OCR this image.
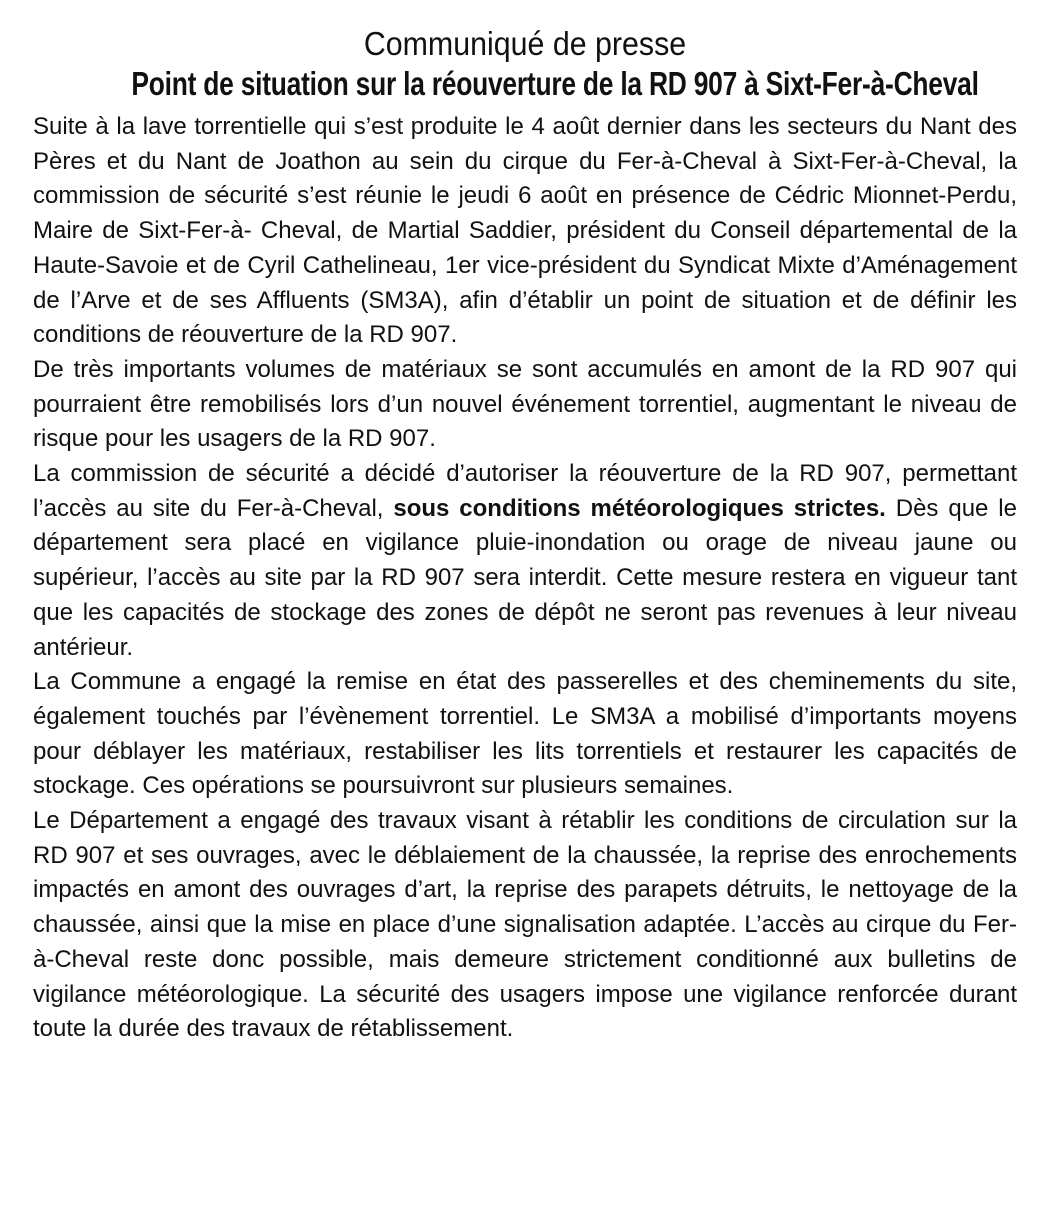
Communiqué de presse
Point de situation sur la réouverture de la RD 907 à Sixt-Fer-à-Cheval

Suite à la lave torrentielle qui s’est produite le 4 août dernier dans les secteurs du Nant des Pères et du Nant de Joathon au sein du cirque du Fer-à-Cheval à Sixt-Fer-à-Cheval, la commission de sécurité s’est réunie le jeudi 6 août en présence de Cédric Mionnet-Perdu, Maire de Sixt-Fer-à- Cheval, de Martial Saddier, président du Conseil départemental de la Haute-Savoie et de Cyril Cathelineau, 1er vice-président du Syndicat Mixte d’Aménagement de l’Arve et de ses Affluents (SM3A), afin d’établir un point de situation et de définir les conditions de réouverture de la RD 907.

De très importants volumes de matériaux se sont accumulés en amont de la RD 907 qui pourraient être remobilisés lors d’un nouvel événement torrentiel, augmentant le niveau de risque pour les usagers de la RD 907.

La commission de sécurité a décidé d’autoriser la réouverture de la RD 907, permettant l’accès au site du Fer-à-Cheval, sous conditions météorologiques strictes. Dès que le département sera placé en vigilance pluie-inondation ou orage de niveau jaune ou supérieur, l’accès au site par la RD 907 sera interdit. Cette mesure restera en vigueur tant que les capacités de stockage des zones de dépôt ne seront pas revenues à leur niveau antérieur.

La Commune a engagé la remise en état des passerelles et des cheminements du site, également touchés par l’évènement torrentiel. Le SM3A a mobilisé d’importants moyens pour déblayer les matériaux, restabiliser les lits torrentiels et restaurer les capacités de stockage. Ces opérations se poursuivront sur plusieurs semaines.

Le Département a engagé des travaux visant à rétablir les conditions de circulation sur la RD 907 et ses ouvrages, avec le déblaiement de la chaussée, la reprise des enrochements impactés en amont des ouvrages d’art, la reprise des parapets détruits, le nettoyage de la chaussée, ainsi que la mise en place d’une signalisation adaptée. L’accès au cirque du Fer-à-Cheval reste donc possible, mais demeure strictement conditionné aux bulletins de vigilance météorologique. La sécurité des usagers impose une vigilance renforcée durant toute la durée des travaux de rétablissement.
